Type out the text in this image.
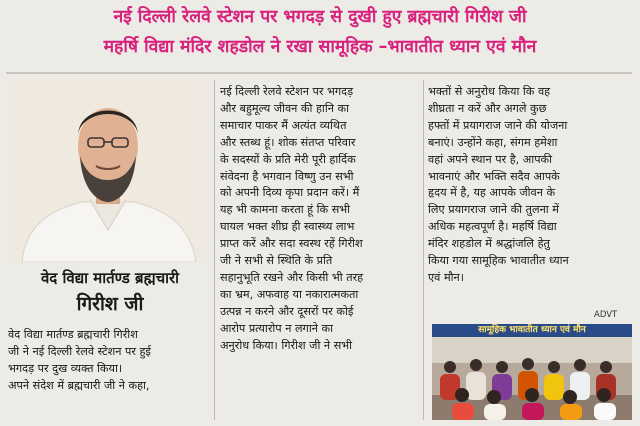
नई दिल्ली रेलवे स्टेशन पर भगदड़ से दुखी हुए ब्रह्मचारी गिरीश जी
महर्षि विद्या मंदिर शहडोल ने रखा सामूहिक –भावातीत ध्यान एवं मौन
वेद विद्या मार्तण्ड ब्रह्मचारी
गिरीश जी
वेद विद्या मार्तण्ड ब्रह्मचारी गिरीश
जी ने नई दिल्ली रेलवे स्टेशन पर हुई
भगदड़ पर दुख व्यक्त किया।
अपने संदेश में ब्रह्मचारी जी ने कहा,
नई दिल्ली रेलवे स्टेशन पर भगदड़
और बहुमूल्य जीवन की हानि का
समाचार पाकर मैं अत्यंत व्यथित
और स्तब्ध हूं। शोक संतप्त परिवार
के सदस्यों के प्रति मेरी पूरी हार्दिक
संवेदना है भगवान विष्णु उन सभी
को अपनी दिव्य कृपा प्रदान करें। मैं
यह भी कामना करता हूं कि सभी
घायल भक्त शीघ्र ही स्वास्थ्य लाभ
प्राप्त करें और सदा स्वस्थ रहें गिरीश
जी ने सभी से स्थिति के प्रति
सहानुभूति रखने और किसी भी तरह
का भ्रम, अफवाह या नकारात्मकता
उत्पन्न न करने और दूसरों पर कोई
आरोप प्रत्यारोप न लगाने का
अनुरोध किया। गिरीश जी ने सभी
भक्तों से अनुरोध किया कि वह
शीघ्रता न करें और अगले कुछ
हफ्तों में प्रयागराज जाने की योजना
बनाएं। उन्होंने कहा, संगम हमेशा
वहां अपने स्थान पर है, आपकी
भावनाएं और भक्ति सदैव आपके
हृदय में है, यह आपके जीवन के
लिए प्रयागराज जाने की तुलना में
अधिक महत्वपूर्ण है। महर्षि विद्या
मंदिर शहडोल में श्रद्धांजलि हेतु
किया गया सामूहिक भावातीत ध्यान
एवं मौन।
ADVT
सामूहिक भावातीत ध्यान एवं मौन
